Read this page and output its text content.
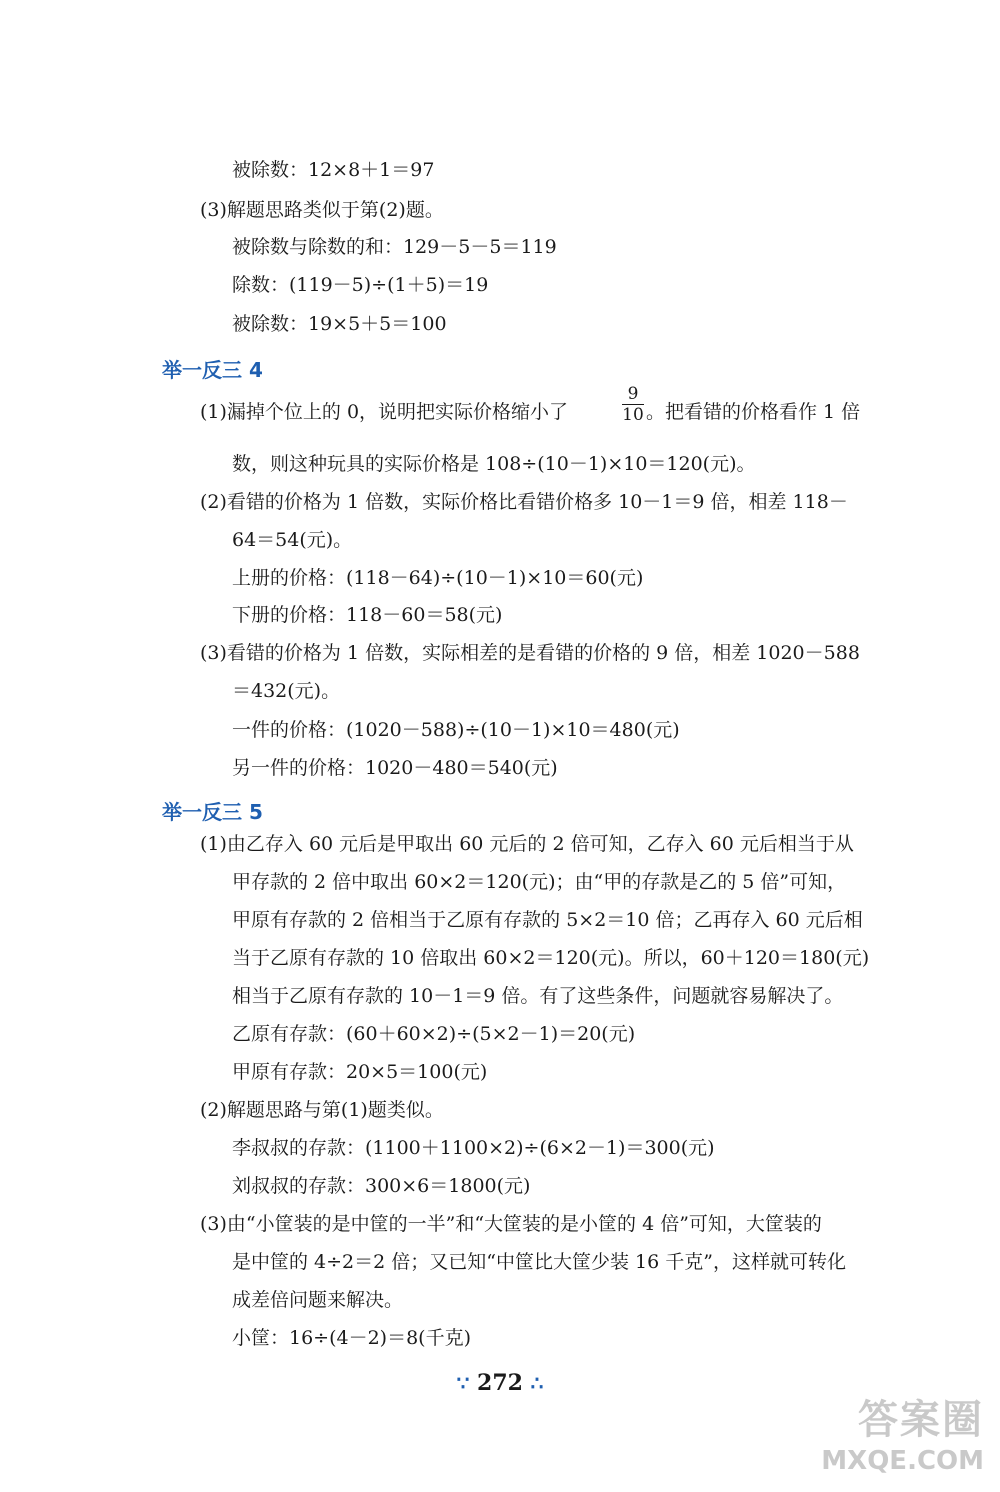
被除数：12×8＋1＝97
(3)解题思路类似于第(2)题。
被除数与除数的和：129－5－5＝119
除数：(119－5)÷(1＋5)＝19
被除数：19×5＋5＝100
举一反三 4
(1)漏掉个位上的 0，说明把实际价格缩小了
9
10 。把看错的价格看作 1 倍
数，则这种玩具的实际价格是 108÷(10－1)×10＝120(元)。
(2)看错的价格为 1 倍数，实际价格比看错价格多 10－1＝9 倍，相差 118－
64＝54(元)。
上册的价格：(118－64)÷(10－1)×10＝60(元)
下册的价格：118－60＝58(元)
(3)看错的价格为 1 倍数，实际相差的是看错的价格的 9 倍，相差 1020－588
＝432(元)。
一件的价格：(1020－588)÷(10－1)×10＝480(元)
另一件的价格：1020－480＝540(元)
举一反三 5
(1)由乙存入 60 元后是甲取出 60 元后的 2 倍可知，乙存入 60 元后相当于从
甲存款的 2 倍中取出 60×2＝120(元)；由“甲的存款是乙的 5 倍”可知，
甲原有存款的 2 倍相当于乙原有存款的 5×2＝10 倍；乙再存入 60 元后相
当于乙原有存款的 10 倍取出 60×2＝120(元)。所以，60＋120＝180(元)
相当于乙原有存款的 10－1＝9 倍。有了这些条件，问题就容易解决了。
乙原有存款：(60＋60×2)÷(5×2－1)＝20(元)
甲原有存款：20×5＝100(元)
(2)解题思路与第(1)题类似。
李叔叔的存款：(1100＋1100×2)÷(6×2－1)＝300(元)
刘叔叔的存款：300×6＝1800(元)
(3)由“小筐装的是中筐的一半”和“大筐装的是小筐的 4 倍”可知，大筐装的
是中筐的 4÷2＝2 倍；又已知“中筐比大筐少装 16 千克”，这样就可转化
成差倍问题来解决。
小筐：16÷(4－2)＝8(千克)
∵ 272 ∴
答案圈
MXQE.COM
